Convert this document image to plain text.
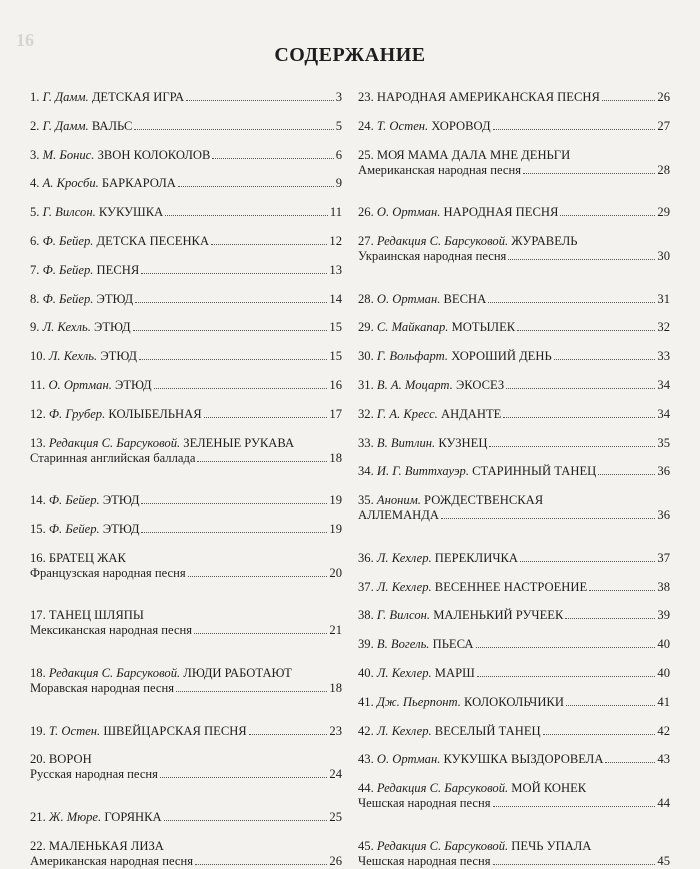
16
СОДЕРЖАНИЕ
1. Г. Дамм. ДЕТСКАЯ ИГРА	3
2. Г. Дамм. ВАЛЬС	5
3. М. Бонис. ЗВОН КОЛОКОЛОВ	6
4. А. Кросби. БАРКАРОЛА	9
5. Г. Вилсон. КУКУШКА	11
6. Ф. Бейер. ДЕТСКА ПЕСЕНКА	12
7. Ф. Бейер. ПЕСНЯ	13
8. Ф. Бейер. ЭТЮД	14
9. Л. Кехль. ЭТЮД	15
10. Л. Кехль. ЭТЮД	15
11. О. Ортман. ЭТЮД	16
12. Ф. Грубер. КОЛЫБЕЛЬНАЯ	17
13. Редакция С. Барсуковой. ЗЕЛЕНЫЕ РУКАВА
Старинная английская баллада	18
14. Ф. Бейер. ЭТЮД	19
15. Ф. Бейер. ЭТЮД	19
16. БРАТЕЦ ЖАК
Французская народная песня	20
17. ТАНЕЦ ШЛЯПЫ
Мексиканская народная песня	21
18. Редакция С. Барсуковой. ЛЮДИ РАБОТАЮТ
Моравская народная песня	18
19. Т. Остен. ШВЕЙЦАРСКАЯ ПЕСНЯ	23
20. ВОРОН
Русская народная песня	24
21. Ж. Мюре. ГОРЯНКА	25
22. МАЛЕНЬКАЯ ЛИЗА
Американская народная песня	26
23. НАРОДНАЯ АМЕРИКАНСКАЯ ПЕСНЯ	26
24. Т. Остен. ХОРОВОД	27
25. МОЯ МАМА ДАЛА МНЕ ДЕНЬГИ
Американская народная песня	28
26. О. Ортман. НАРОДНАЯ ПЕСНЯ	29
27. Редакция С. Барсуковой. ЖУРАВЕЛЬ
Украинская народная песня	30
28. О. Ортман. ВЕСНА	31
29. С. Майкапар. МОТЫЛЕК	32
30. Г. Вольфарт. ХОРОШИЙ ДЕНЬ	33
31. В. А. Моцарт. ЭКОСЕЗ	34
32. Г. А. Кресс. АНДАНТЕ	34
33. В. Витлин. КУЗНЕЦ	35
34. И. Г. Виттхауэр. СТАРИННЫЙ ТАНЕЦ	36
35. Аноним. РОЖДЕСТВЕНСКАЯ
АЛЛЕМАНДА	36
36. Л. Кехлер. ПЕРЕКЛИЧКА	37
37. Л. Кехлер. ВЕСЕННЕЕ НАСТРОЕНИЕ	38
38. Г. Вилсон. МАЛЕНЬКИЙ РУЧЕЕК	39
39. В. Вогель. ПЬЕСА	40
40. Л. Кехлер. МАРШ	40
41. Дж. Пьерпонт. КОЛОКОЛЬЧИКИ	41
42. Л. Кехлер. ВЕСЕЛЫЙ ТАНЕЦ	42
43. О. Ортман. КУКУШКА ВЫЗДОРОВЕЛА	43
44. Редакция С. Барсуковой. МОЙ КОНЕК
Чешская народная песня	44
45. Редакция С. Барсуковой. ПЕЧЬ УПАЛА
Чешская народная песня	45
